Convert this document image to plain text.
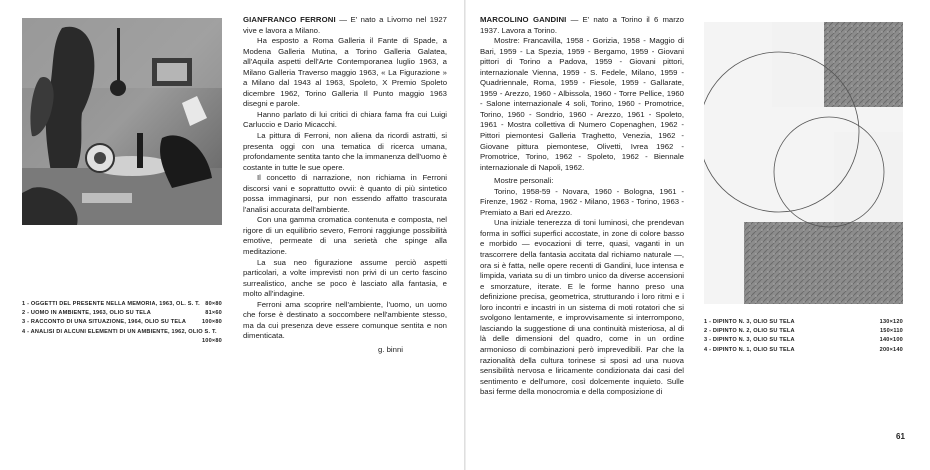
1 - OGGETTI DEL PRESENTE NELLA MEMORIA, 1963, OL. S. T. 80×80
2 - UOMO IN AMBIENTE, 1963, OLIO SU TELA	81×60
3 - RACCONTO DI UNA SITUAZIONE, 1964, OLIO SU TELA	100×80
4 - ANALISI DI ALCUNI ELEMENTI DI UN AMBIENTE, 1962, OLIO S. T.
100×80
1 - DIPINTO N. 3, OLIO SU TELA	130×120
2 - DIPINTO N. 2, OLIO SU TELA	150×110
3 - DIPINTO N. 3, OLIO SU TELA	140×100
4 - DIPINTO N. 1, OLIO SU TELA	200×140
61

GIANFRANCO FERRONI — E' nato a Livorno nel 1927 vive e lavora a Milano.

Ha esposto a Roma Galleria il Fante di Spade, a Modena Galleria Mutina, a Torino Galleria Galatea, all'Aquila aspetti dell'Arte Contemporanea luglio 1963, a Milano Galleria Traverso maggio 1963, « La Figurazione » a Milano dal 1943 al 1963, Spoleto, X Premio Spoleto dicembre 1962, Torino Galleria Il Punto maggio 1963 disegni e parole.

Hanno parlato di lui critici di chiara fama fra cui Luigi Carluccio e Dario Micacchi.

La pittura di Ferroni, non aliena da ricordi astratti, si presenta oggi con una tematica di ricerca umana, profondamente sentita tanto che la immanenza dell'uomo è costante in tutte le sue opere.

Il concetto di narrazione, non richiama in Ferroni discorsi vani e soprattutto ovvii: è quanto di più sintetico possa immaginarsi, pur non essendo affatto trascurata l'analisi accurata dell'ambiente.

Con una gamma cromatica contenuta e composta, nel rigore di un equilibrio severo, Ferroni raggiunge possibilità emotive, permeate di una serietà che spinge alla meditazione.

La sua neo figurazione assume perciò aspetti particolari, a volte imprevisti non privi di un certo fascino surrealistico, anche se poco è lasciato alla fantasia, e molto all'indagine.

Ferroni ama scoprire nell'ambiente, l'uomo, un uomo che forse è destinato a soccombere nell'ambiente stesso, ma da cui presenza deve essere comunque sentita e non dimenticata.

g. binni

MARCOLINO GANDINI — E' nato a Torino il 6 marzo 1937. Lavora a Torino.

Mostre: Francavilla, 1958 - Gorizia, 1958 - Maggio di Bari, 1959 - La Spezia, 1959 - Bergamo, 1959 - Giovani pittori di Torino a Padova, 1959 - Giovani pittori, internazionale Vienna, 1959 - S. Fedele, Milano, 1959 - Quadriennale, Roma, 1959 - Fiesole, 1959 - Gallarate, 1959 - Arezzo, 1960 - Albissola, 1960 - Torre Pellice, 1960 - Salone internazionale 4 soli, Torino, 1960 - Promotrice, Torino, 1960 - Sondrio, 1960 - Arezzo, 1961 - Spoleto, 1961 - Mostra collettiva di Numero Copenaghen, 1962 - Pittori piemontesi Galleria Traghetto, Venezia, 1962 - Giovane pittura piemontese, Olivetti, Ivrea 1962 - Promotrice, Torino, 1962 - Spoleto, 1962 - Biennale internazionale di Napoli, 1962.

Mostre personali:

Torino, 1958-59 - Novara, 1960 - Bologna, 1961 - Firenze, 1962 - Roma, 1962 - Milano, 1963 - Torino, 1963 - Premiato a Bari ed Arezzo.

Una iniziale tenerezza di toni luminosi, che prendevan forma in soffici superfici accostate, in zone di colore basso e morbido — evocazioni di terre, quasi, vaganti in un trascorrere della fantasia accitata dal richiamo naturale —, ora si è fatta, nelle opere recenti di Gandini, luce intensa e limpida, variata su di un timbro unico da diverse accensioni e smorzature, iterate. E le forme hanno preso una definizione precisa, geometrica, strutturando i loro ritmi e i loro incontri e incastri in un sistema di moti rotatori che si svolgono lentamente, e improvvisamente si interrompono, lasciando la suggestione di una continuità misteriosa, al di là delle dimensioni del quadro, come in un ordine armonioso di combinazioni però imprevedibili. Par che la razionalità della cultura torinese si sposi ad una nuova sensibilità nervosa e liricamente condizionata dai casi del sentimento e dell'umore, così dolcemente inquieto. Sulle basi ferme della monocromia e della composizione di
